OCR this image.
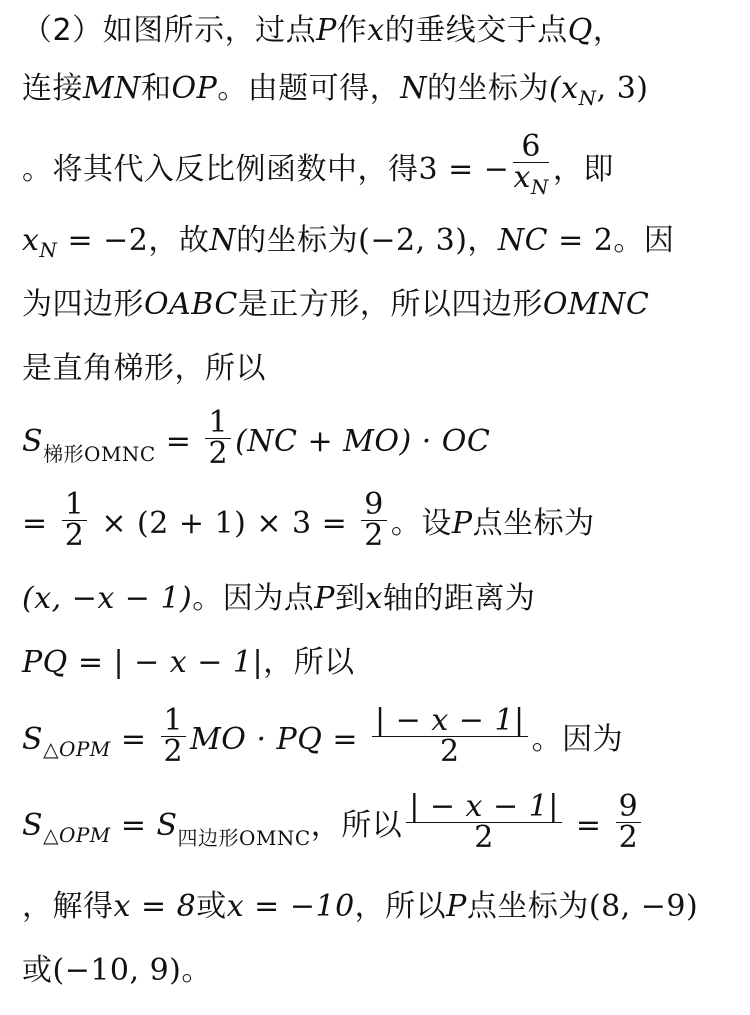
（2）如图所示，过点P作x的垂线交于点Q，
连接MN和OP。由题可得，N的坐标为($x_N$, 3)
。将其代入反比例函数中，得3 = − $\frac{6}{x_N}$ ，即
$x_N = -2$，故N的坐标为(−2, 3)，NC = 2。因
为四边形OABC是正方形，所以四边形OMNC
是直角梯形，所以
$S_{梯形OMNC} = \frac{1}{2} (NC + MO)$ · OC
= $\frac{1}{2} \times (2 + 1) \times 3 = \frac{9}{2}$ 。设P点坐标为
(x, −x − 1)。因为点P到x轴的距离为
PQ = | − x − 1|，所以
$S_{\triangle OPM} = \frac{1}{2}$ MO · PQ = $\frac{| - x - 1|}{2}$ 。因为
$S_{\triangle OPM} = S_{四边形OMNC}$，所以 $\frac{| - x - 1|}{2} = \frac{9}{2}$
，解得x = 8或x = −10，所以P点坐标为(8, −9)
或(−10, 9)。
